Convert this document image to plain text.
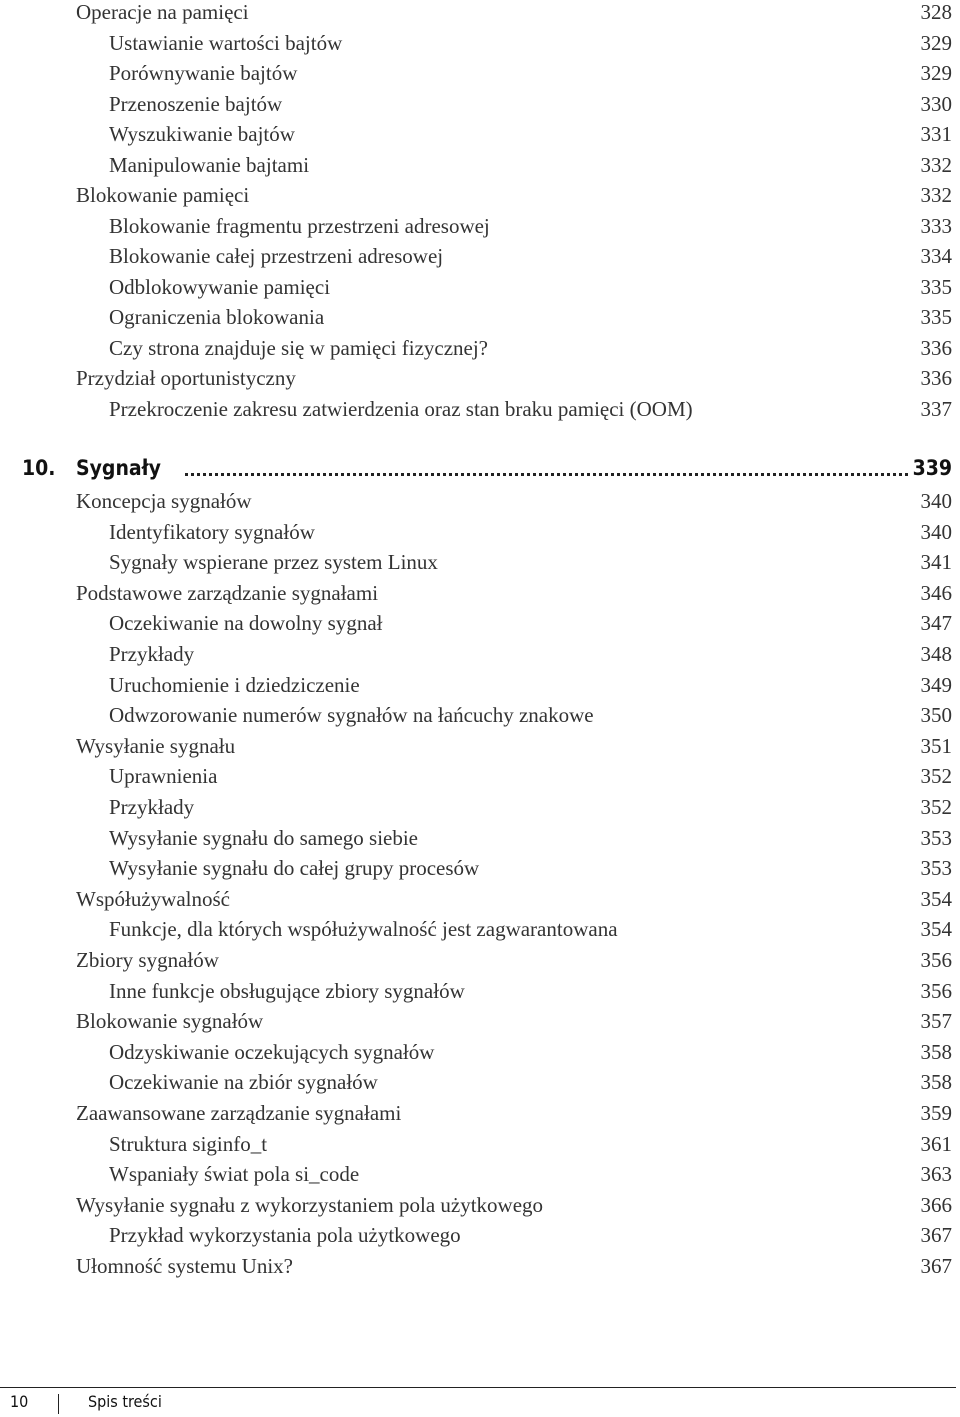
Operacje na pamięci	328
Ustawianie wartości bajtów	329
Porównywanie bajtów	329
Przenoszenie bajtów	330
Wyszukiwanie bajtów	331
Manipulowanie bajtami	332
Blokowanie pamięci	332
Blokowanie fragmentu przestrzeni adresowej	333
Blokowanie całej przestrzeni adresowej	334
Odblokowywanie pamięci	335
Ograniczenia blokowania	335
Czy strona znajduje się w pamięci fizycznej?	336
Przydział oportunistyczny	336
Przekroczenie zakresu zatwierdzenia oraz stan braku pamięci (OOM)	337
10. Sygnały	339
Koncepcja sygnałów	340
Identyfikatory sygnałów	340
Sygnały wspierane przez system Linux	341
Podstawowe zarządzanie sygnałami	346
Oczekiwanie na dowolny sygnał	347
Przykłady	348
Uruchomienie i dziedziczenie	349
Odwzorowanie numerów sygnałów na łańcuchy znakowe	350
Wysyłanie sygnału	351
Uprawnienia	352
Przykłady	352
Wysyłanie sygnału do samego siebie	353
Wysyłanie sygnału do całej grupy procesów	353
Współużywalność	354
Funkcje, dla których współużywalność jest zagwarantowana	354
Zbiory sygnałów	356
Inne funkcje obsługujące zbiory sygnałów	356
Blokowanie sygnałów	357
Odzyskiwanie oczekujących sygnałów	358
Oczekiwanie na zbiór sygnałów	358
Zaawansowane zarządzanie sygnałami	359
Struktura siginfo_t	361
Wspaniały świat pola si_code	363
Wysyłanie sygnału z wykorzystaniem pola użytkowego	366
Przykład wykorzystania pola użytkowego	367
Ułomność systemu Unix?	367
10	Spis treści
